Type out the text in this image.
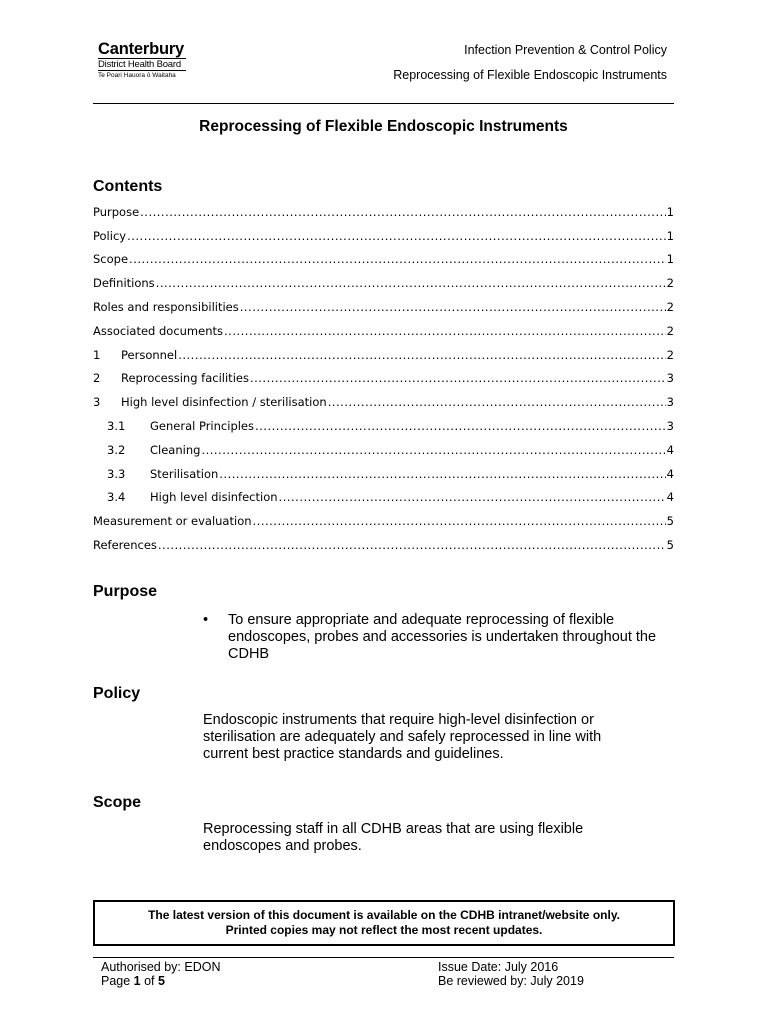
Canterbury
District Health Board
Te Poari Hauora ō Waitaha
Infection Prevention & Control Policy
Reprocessing of Flexible Endoscopic Instruments
Reprocessing of Flexible Endoscopic Instruments
Contents
Purpose .....	1
Policy .....	1
Scope .....	1
Definitions .....	2
Roles and responsibilities .....	2
Associated documents .....	2
1	Personnel .....	2
2	Reprocessing facilities .....	3
3	High level disinfection / sterilisation .....	3
3.1	General Principles .....	3
3.2	Cleaning .....	4
3.3	Sterilisation .....	4
3.4	High level disinfection .....	4
Measurement or evaluation .....	5
References .....	5
Purpose
• To ensure appropriate and adequate reprocessing of flexible endoscopes, probes and accessories is undertaken throughout the CDHB
Policy
Endoscopic instruments that require high-level disinfection or sterilisation are adequately and safely reprocessed in line with current best practice standards and guidelines.
Scope
Reprocessing staff in all CDHB areas that are using flexible endoscopes and probes.
The latest version of this document is available on the CDHB intranet/website only.
Printed copies may not reflect the most recent updates.
Authorised by: EDON
Page 1 of 5
Issue Date: July 2016
Be reviewed by: July 2019
